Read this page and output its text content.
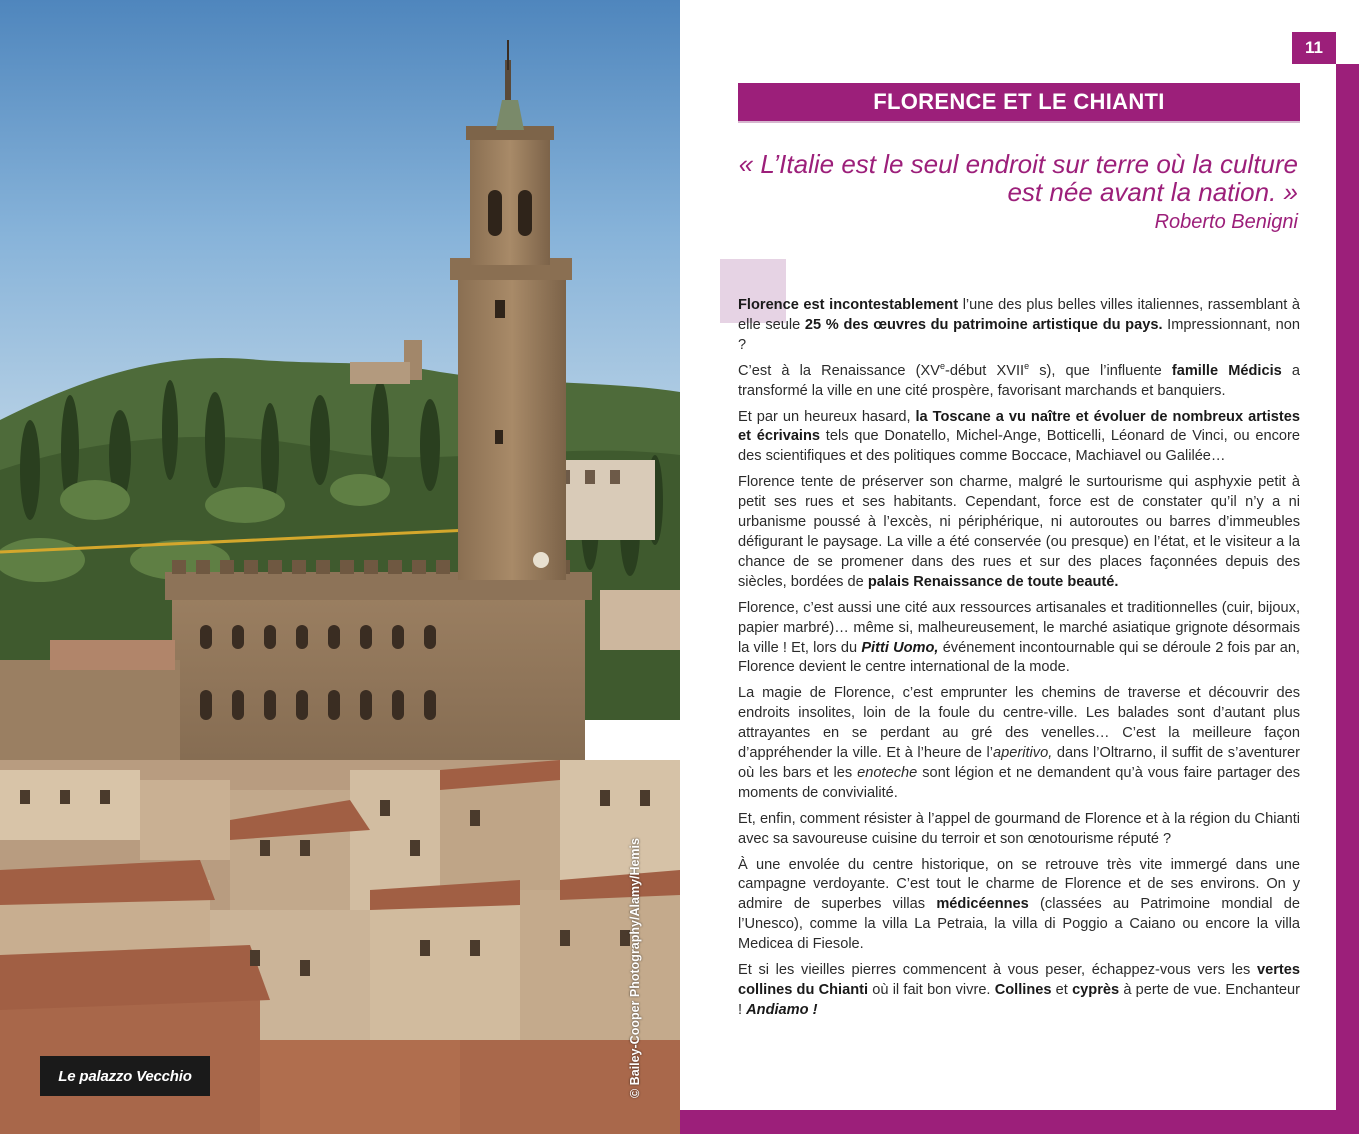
Le palazzo Vecchio	© Bailey-Cooper Photography/Alamy/Hemis
11
FLORENCE ET LE CHIANTI
« L’Italie est le seul endroit sur terre où la culture
est née avant la nation. »
Roberto Benigni

Florence est incontestablement l’une des plus belles villes italiennes, rassemblant à elle seule 25 % des œuvres du patrimoine artistique du pays. Impressionnant, non ?

C’est à la Renaissance (XVe-début XVIIe s), que l’influente famille Médicis a transformé la ville en une cité prospère, favorisant marchands et banquiers.

Et par un heureux hasard, la Toscane a vu naître et évoluer de nombreux artistes et écrivains tels que Donatello, Michel-Ange, Botticelli, Léonard de Vinci, ou encore des scientifiques et des politiques comme Boccace, Machiavel ou Galilée…

Florence tente de préserver son charme, malgré le surtourisme qui asphyxie petit à petit ses rues et ses habitants. Cependant, force est de constater qu’il n’y a ni urbanisme poussé à l’excès, ni périphérique, ni autoroutes ou barres d’immeubles défigurant le paysage. La ville a été conservée (ou presque) en l’état, et le visiteur a la chance de se promener dans des rues et sur des places façonnées depuis des siècles, bordées de palais Renaissance de toute beauté.

Florence, c’est aussi une cité aux ressources artisanales et traditionnelles (cuir, bijoux, papier marbré)… même si, malheureusement, le marché asiatique grignote désormais la ville ! Et, lors du Pitti Uomo, événement incontournable qui se déroule 2 fois par an, Florence devient le centre international de la mode.

La magie de Florence, c’est emprunter les chemins de traverse et découvrir des endroits insolites, loin de la foule du centre-ville. Les balades sont d’autant plus attrayantes en se perdant au gré des venelles… C’est la meilleure façon d’appréhender la ville. Et à l’heure de l’aperitivo, dans l’Oltrarno, il suffit de s’aventurer où les bars et les enoteche sont légion et ne demandent qu’à vous faire partager des moments de convivialité.

Et, enfin, comment résister à l’appel de gourmand de Florence et à la région du Chianti avec sa savoureuse cuisine du terroir et son œnotourisme réputé ?

À une envolée du centre historique, on se retrouve très vite immergé dans une campagne verdoyante. C’est tout le charme de Florence et de ses environs. On y admire de superbes villas médicéennes (classées au Patrimoine mondial de l’Unesco), comme la villa La Petraia, la villa di Poggio a Caiano ou encore la villa Medicea di Fiesole.

Et si les vieilles pierres commencent à vous peser, échappez-vous vers les vertes collines du Chianti où il fait bon vivre. Collines et cyprès à perte de vue. Enchanteur ! Andiamo !
